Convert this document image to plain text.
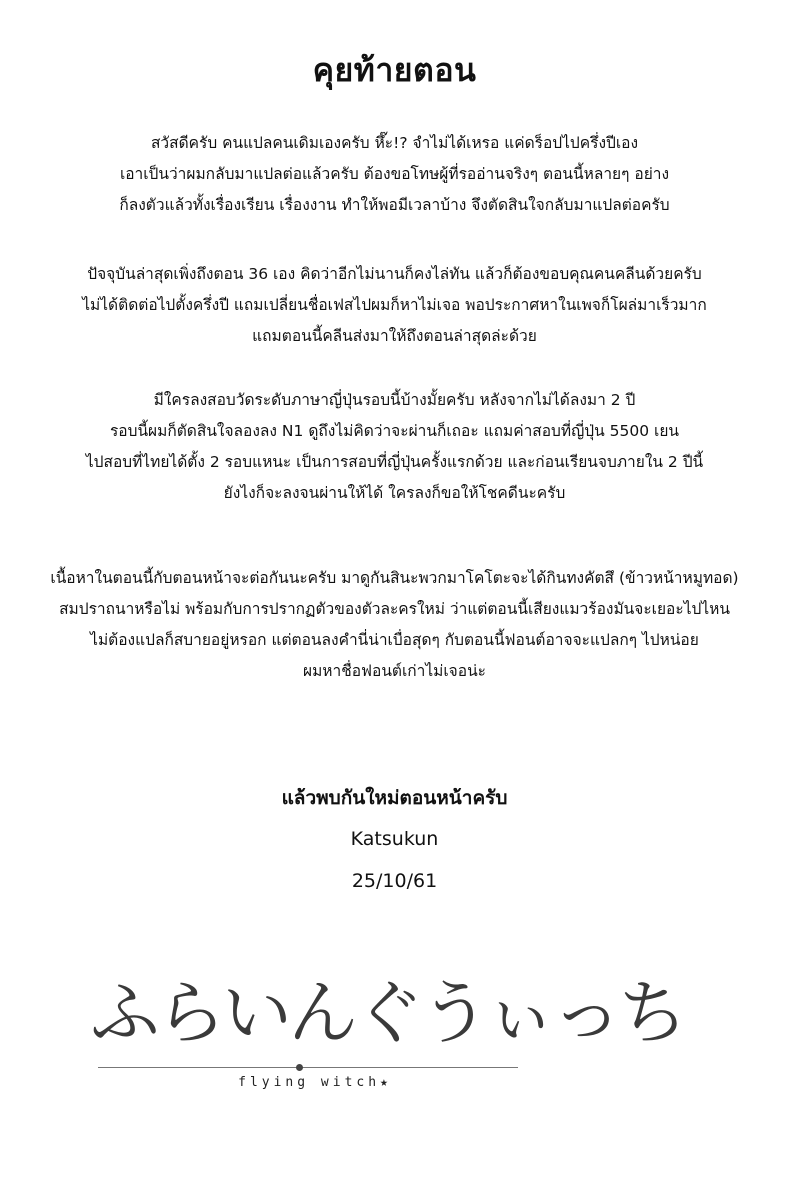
คุยท้ายตอน
สวัสดีครับ คนแปลคนเดิมเองครับ หึ๊ะ!? จำไม่ได้เหรอ แค่ดร็อปไปครึ่งปีเอง
เอาเป็นว่าผมกลับมาแปลต่อแล้วครับ ต้องขอโทษผู้ที่รออ่านจริงๆ ตอนนี้หลายๆ อย่าง
ก็ลงตัวแล้วทั้งเรื่องเรียน เรื่องงาน ทำให้พอมีเวลาบ้าง จึงตัดสินใจกลับมาแปลต่อครับ
ปัจจุบันล่าสุดเพิ่งถึงตอน 36 เอง คิดว่าอีกไม่นานก็คงไล่ทัน แล้วก็ต้องขอบคุณคนคลีนด้วยครับ
ไม่ได้ติดต่อไปตั้งครึ่งปี แถมเปลี่ยนชื่อเฟสไปผมก็หาไม่เจอ พอประกาศหาในเพจก็โผล่มาเร็วมาก
แถมตอนนี้คลีนส่งมาให้ถึงตอนล่าสุดล่ะด้วย
มีใครลงสอบวัดระดับภาษาญี่ปุ่นรอบนี้บ้างมั้ยครับ หลังจากไม่ได้ลงมา 2 ปี
รอบนี้ผมก็ตัดสินใจลองลง N1 ดูถึงไม่คิดว่าจะผ่านก็เถอะ แถมค่าสอบที่ญี่ปุ่น 5500 เยน
ไปสอบที่ไทยได้ตั้ง 2 รอบแหนะ เป็นการสอบที่ญี่ปุ่นครั้งแรกด้วย และก่อนเรียนจบภายใน 2 ปีนี้
ยังไงก็จะลงจนผ่านให้ได้ ใครลงก็ขอให้โชคดีนะครับ
เนื้อหาในตอนนี้กับตอนหน้าจะต่อกันนะครับ มาดูกันสินะพวกมาโคโตะจะได้กินทงคัตสึ (ข้าวหน้าหมูทอด)
สมปราถนาหรือไม่ พร้อมกับการปรากฏตัวของตัวละครใหม่ ว่าแต่ตอนนี้เสียงแมวร้องมันจะเยอะไปไหน
ไม่ต้องแปลก็สบายอยู่หรอก แต่ตอนลงคำนี่น่าเบื่อสุดๆ กับตอนนี้ฟอนต์อาจจะแปลกๆ ไปหน่อย
ผมหาชื่อฟอนต์เก่าไม่เจอน่ะ
แล้วพบกันใหม่ตอนหน้าครับ
Katsukun
25/10/61
ふらいんぐうぃっち
flying witch★
